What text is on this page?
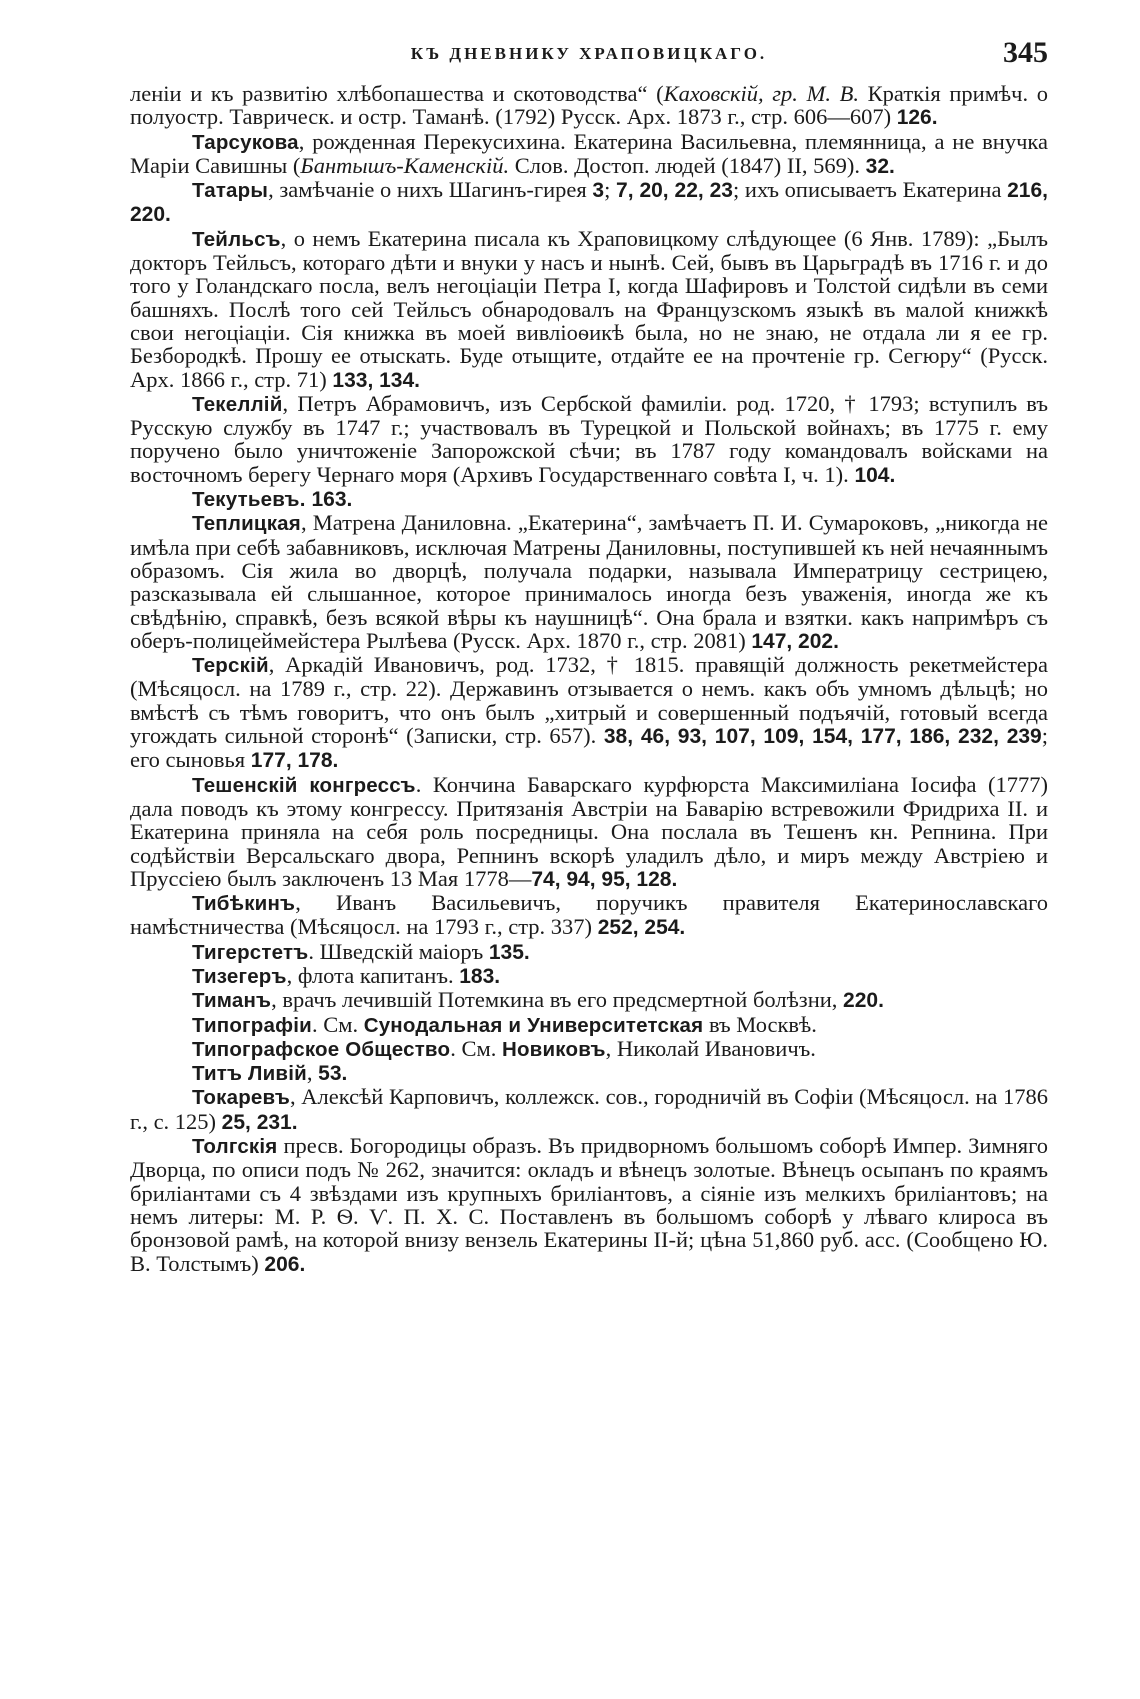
КЪ ДНЕВНИКУ ХРАПОВИЦКАГО.	345

леніи и къ развитію хлѣбопашества и скотоводства“ (Каховскій, гр. М. В. Краткія примѣч. о полуостр. Таврическ. и остр. Таманѣ. (1792) Русск. Арх. 1873 г., стр. 606—607) 126.

Тарсукова, рожденная Перекусихина. Екатерина Васильевна, племянница, а не внучка Маріи Савишны (Бантышъ-Каменскій. Слов. Достоп. людей (1847) II, 569). 32.

Татары, замѣчаніе о нихъ Шагинъ-гирея 3; 7, 20, 22, 23; ихъ описываетъ Екатерина 216, 220.

Тейльсъ, о немъ Екатерина писала къ Храповицкому слѣдующее (6 Янв. 1789): „Былъ докторъ Тейльсъ, котораго дѣти и внуки у насъ и нынѣ. Сей, бывъ въ Царьградѣ въ 1716 г. и до того у Голандскаго посла, велъ негоціаціи Петра I, когда Шафировъ и Толстой сидѣли въ семи башняхъ. Послѣ того сей Тейльсъ обнародовалъ на Французскомъ языкѣ въ малой книжкѣ свои негоціаціи. Сія книжка въ моей вивліоѳикѣ была, но не знаю, не отдала ли я ее гр. Безбородкѣ. Прошу ее отыскать. Буде отыщите, отдайте ее на прочтеніе гр. Сегюру“ (Русск. Арх. 1866 г., стр. 71) 133, 134.

Текеллій, Петръ Абрамовичъ, изъ Сербской фамиліи. род. 1720, † 1793; вступилъ въ Русскую службу въ 1747 г.; участвовалъ въ Турецкой и Польской войнахъ; въ 1775 г. ему поручено было уничтоженіе Запорожской сѣчи; въ 1787 году командовалъ войсками на восточномъ берегу Чернаго моря (Архивъ Государственнаго совѣта I, ч. 1). 104.

Текутьевъ. 163.

Теплицкая, Матрена Даниловна. „Екатерина“, замѣчаетъ П. И. Сумароковъ, „никогда не имѣла при себѣ забавниковъ, исключая Матрены Даниловны, поступившей къ ней нечаяннымъ образомъ. Сія жила во дворцѣ, получала подарки, называла Императрицу сестрицею, разсказывала ей слышанное, которое принималось иногда безъ уваженія, иногда же къ свѣдѣнію, справкѣ, безъ всякой вѣры къ наушницѣ“. Она брала и взятки. какъ напримѣръ съ оберъ-полицеймейстера Рылѣева (Русск. Арх. 1870 г., стр. 2081) 147, 202.

Терскій, Аркадій Ивановичъ, род. 1732, † 1815. правящій должность рекетмейстера (Мѣсяцосл. на 1789 г., стр. 22). Державинъ отзывается о немъ. какъ объ умномъ дѣльцѣ; но вмѣстѣ съ тѣмъ говоритъ, что онъ былъ „хитрый и совершенный подъячій, готовый всегда угождать сильной сторонѣ“ (Записки, стр. 657). 38, 46, 93, 107, 109, 154, 177, 186, 232, 239; его сыновья 177, 178.

Тешенскій конгрессъ. Кончина Баварскаго курфюрста Максимиліана Іосифа (1777) дала поводъ къ этому конгрессу. Притязанія Австріи на Баварію встревожили Фридриха II. и Екатерина приняла на себя роль посредницы. Она послала въ Тешенъ кн. Репнина. При содѣйствіи Версальскаго двора, Репнинъ вскорѣ уладилъ дѣло, и миръ между Австріею и Пруссіею былъ заключенъ 13 Мая 1778—74, 94, 95, 128.

Тибѣкинъ, Иванъ Васильевичъ, поручикъ правителя Екатеринославскаго намѣстничества (Мѣсяцосл. на 1793 г., стр. 337) 252, 254.

Тигерстетъ. Шведскій маіоръ 135.

Тизегеръ, флота капитанъ. 183.

Тиманъ, врачъ лечившій Потемкина въ его предсмертной болѣзни, 220.

Типографіи. См. Сунодальная и Университетская въ Москвѣ.

Типографское Общество. См. Новиковъ, Николай Ивановичъ.

Титъ Ливій, 53.

Токаревъ, Алексѣй Карповичъ, коллежск. сов., городничій въ Софіи (Мѣсяцосл. на 1786 г., с. 125) 25, 231.

Толгскія пресв. Богородицы образъ. Въ придворномъ большомъ соборѣ Импер. Зимняго Дворца, по описи подъ № 262, значится: окладъ и вѣнецъ золотые. Вѣнецъ осыпанъ по краямъ бриліантами съ 4 звѣздами изъ крупныхъ бриліантовъ, а сіяніе изъ мелкихъ бриліантовъ; на немъ литеры: М. Р. Ѳ. Ѵ. П. Х. С. Поставленъ въ большомъ соборѣ у лѣваго клироса въ бронзовой рамѣ, на которой внизу вензель Екатерины II-й; цѣна 51,860 руб. асс. (Сообщено Ю. В. Толстымъ) 206.
